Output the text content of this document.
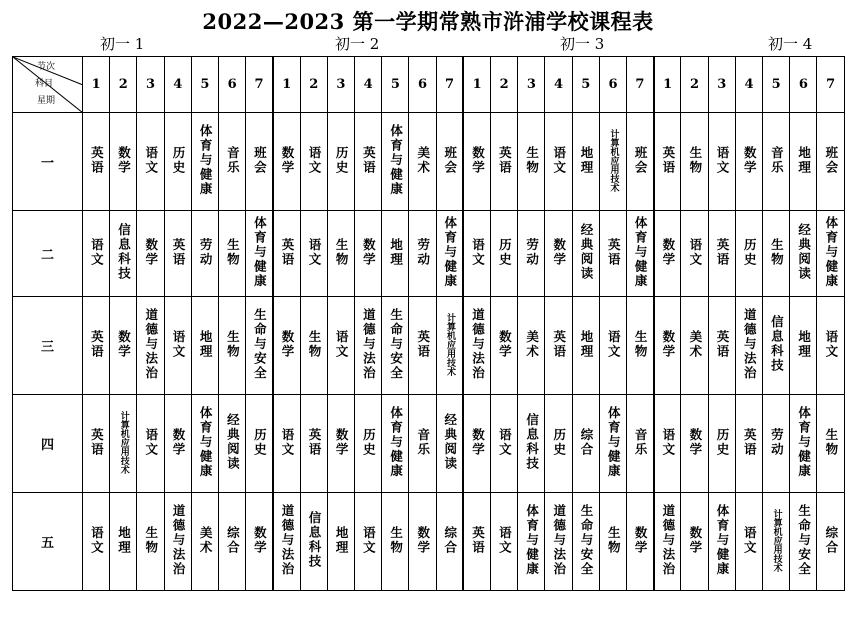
2022—2023 第一学期常熟市浒浦学校课程表
初一 1	初一 2	初一 3	初一 4
节次
科目
星期	1	2	3	4	5	6	7	1	2	3	4	5	6	7	1	2	3	4	5	6	7	1	2	3	4	5	6	7
一	英语	数学	语文	历史	体育与健康	音乐	班会	数学	语文	历史	英语	体育与健康	美术	班会	数学	英语	生物	语文	地理	计算机应用技术	班会	英语	生物	语文	数学	音乐	地理	班会
二	语文	信息科技	数学	英语	劳动	生物	体育与健康	英语	语文	生物	数学	地理	劳动	体育与健康	语文	历史	劳动	数学	经典阅读	英语	体育与健康	数学	语文	英语	历史	生物	经典阅读	体育与健康
三	英语	数学	道德与法治	语文	地理	生物	生命与安全	数学	生物	语文	道德与法治	生命与安全	英语	计算机应用技术	道德与法治	数学	美术	英语	地理	语文	生物	数学	美术	英语	道德与法治	信息科技	地理	语文
四	英语	计算机应用技术	语文	数学	体育与健康	经典阅读	历史	语文	英语	数学	历史	体育与健康	音乐	经典阅读	数学	语文	信息科技	历史	综合	体育与健康	音乐	语文	数学	历史	英语	劳动	体育与健康	生物
五	语文	地理	生物	道德与法治	美术	综合	数学	道德与法治	信息科技	地理	语文	生物	数学	综合	英语	语文	体育与健康	道德与法治	生命与安全	生物	数学	道德与法治	数学	体育与健康	语文	计算机应用技术	生命与安全	综合
